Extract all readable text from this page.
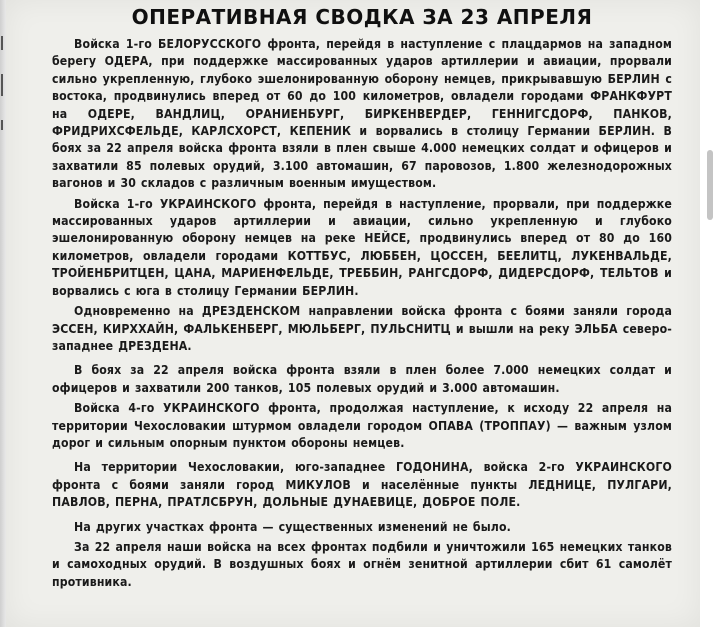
ОПЕРАТИВНАЯ СВОДКА ЗА 23 АПРЕЛЯ

Войска 1-го БЕЛОРУССКОГО фронта, перейдя в наступление с плацдармов на западном берегу ОДЕРА, при поддержке массированных ударов артиллерии и авиации, прорвали сильно укрепленную, глубоко эшелонированную оборону немцев, прикрывавшую БЕРЛИН с востока, продвинулись вперед от 60 до 100 километров, овладели городами ФРАНКФУРТ на ОДЕРЕ, ВАНДЛИЦ, ОРАНИЕНБУРГ, БИРКЕНВЕРДЕР, ГЕННИГСДОРФ, ПАНКОВ, ФРИДРИХСФЕЛЬДЕ, КАРЛСХОРСТ, КЕПЕНИК и ворвались в столицу Германии БЕРЛИН. В боях за 22 апреля войска фронта взяли в плен свыше 4.000 немецких солдат и офицеров и захватили 85 полевых орудий, 3.100 автомашин, 67 паровозов, 1.800 железнодорожных вагонов и 30 складов с различным военным имуществом.

Войска 1-го УКРАИНСКОГО фронта, перейдя в наступление, прорвали, при поддержке массированных ударов артиллерии и авиации, сильно укрепленную и глубоко эшелонированную оборону немцев на реке НЕЙСЕ, продвинулись вперед от 80 до 160 километров, овладели городами КОТТБУС, ЛЮББЕН, ЦОССЕН, БЕЕЛИТЦ, ЛУКЕНВАЛЬДЕ, ТРОЙЕНБРИТЦЕН, ЦАНА, МАРИЕНФЕЛЬДЕ, ТРЕББИН, РАНГСДОРФ, ДИДЕРСДОРФ, ТЕЛЬТОВ и ворвались с юга в столицу Германии БЕРЛИН.

Одновременно на ДРЕЗДЕНСКОМ направлении войска фронта с боями заняли города ЭССЕН, КИРХХАЙН, ФАЛЬКЕНБЕРГ, МЮЛЬБЕРГ, ПУЛЬСНИТЦ и вышли на реку ЭЛЬБА северо-западнее ДРЕЗДЕНА.

В боях за 22 апреля войска фронта взяли в плен более 7.000 немецких солдат и офицеров и захватили 200 танков, 105 полевых орудий и 3.000 автомашин.

Войска 4-го УКРАИНСКОГО фронта, продолжая наступление, к исходу 22 апреля на территории Чехословакии штурмом овладели городом ОПАВА (ТРОППАУ) — важным узлом дорог и сильным опорным пунктом обороны немцев.

На территории Чехословакии, юго-западнее ГОДОНИНА, войска 2-го УКРАИНСКОГО фронта с боями заняли город МИКУЛОВ и населённые пункты ЛЕДНИЦЕ, ПУЛГАРИ, ПАВЛОВ, ПЕРНА, ПРАТЛСБРУН, ДОЛЬНЫЕ ДУНАЕВИЦЕ, ДОБРОЕ ПОЛЕ.

На других участках фронта — существенных изменений не было.

За 22 апреля наши войска на всех фронтах подбили и уничтожили 165 немецких танков и самоходных орудий. В воздушных боях и огнём зенитной артиллерии сбит 61 самолёт противника.
